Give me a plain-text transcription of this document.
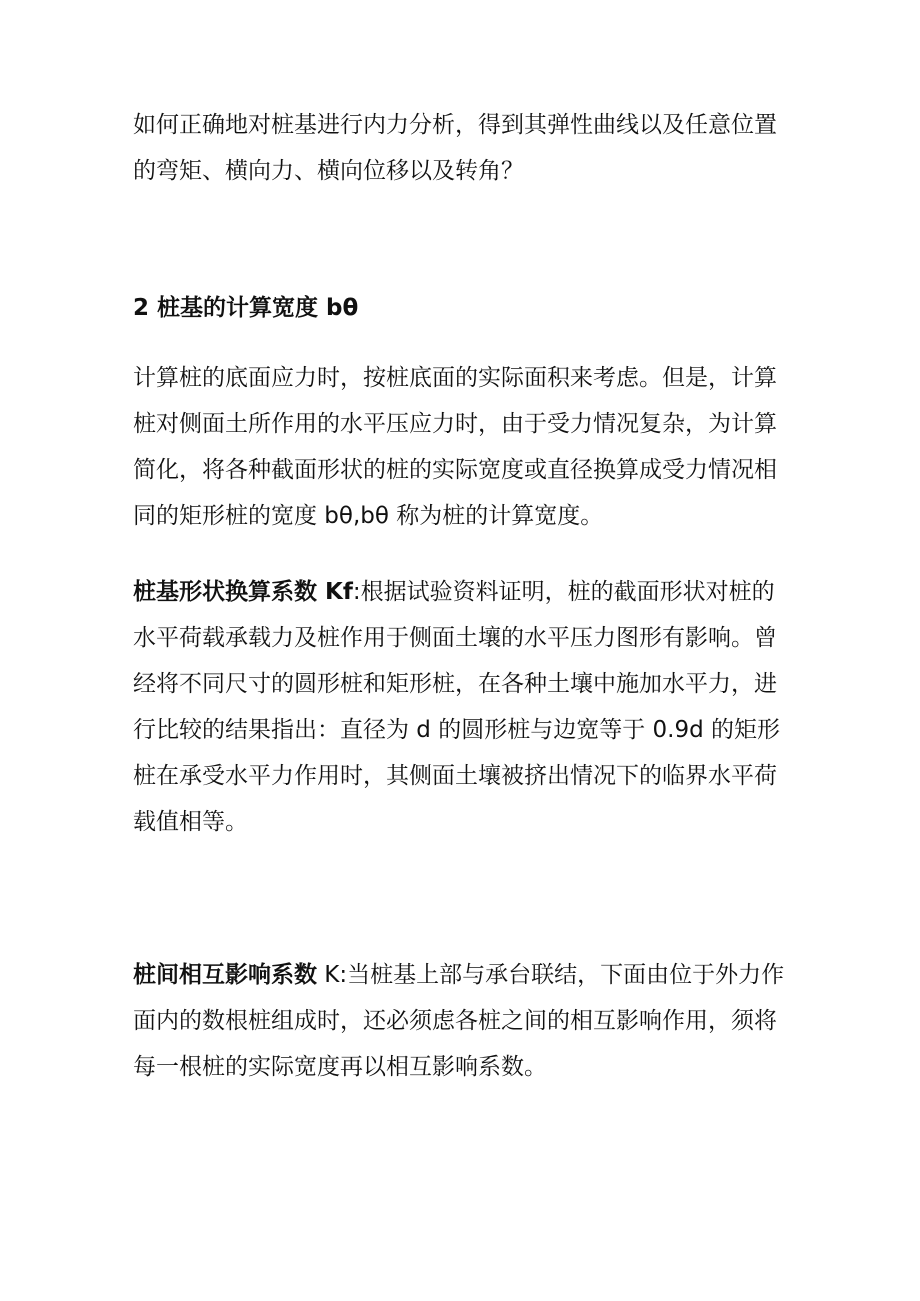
如何正确地对桩基进行内力分析，得到其弹性曲线以及任意位置
的弯矩、横向力、横向位移以及转角？

2 桩基的计算宽度 bθ

计算桩的底面应力时，按桩底面的实际面积来考虑。但是，计算
桩对侧面土所作用的水平压应力时，由于受力情况复杂，为计算
简化，将各种截面形状的桩的实际宽度或直径换算成受力情况相
同的矩形桩的宽度 bθ,bθ 称为桩的计算宽度。

桩基形状换算系数 Kf:根据试验资料证明，桩的截面形状对桩的
水平荷载承载力及桩作用于侧面土壤的水平压力图形有影响。曾
经将不同尺寸的圆形桩和矩形桩，在各种土壤中施加水平力，进
行比较的结果指出：直径为 d 的圆形桩与边宽等于 0.9d 的矩形
桩在承受水平力作用时，其侧面土壤被挤出情况下的临界水平荷
载值相等。

桩间相互影响系数 K:当桩基上部与承台联结，下面由位于外力作
面内的数根桩组成时，还必须虑各桩之间的相互影响作用，须将
每一根桩的实际宽度再以相互影响系数。
